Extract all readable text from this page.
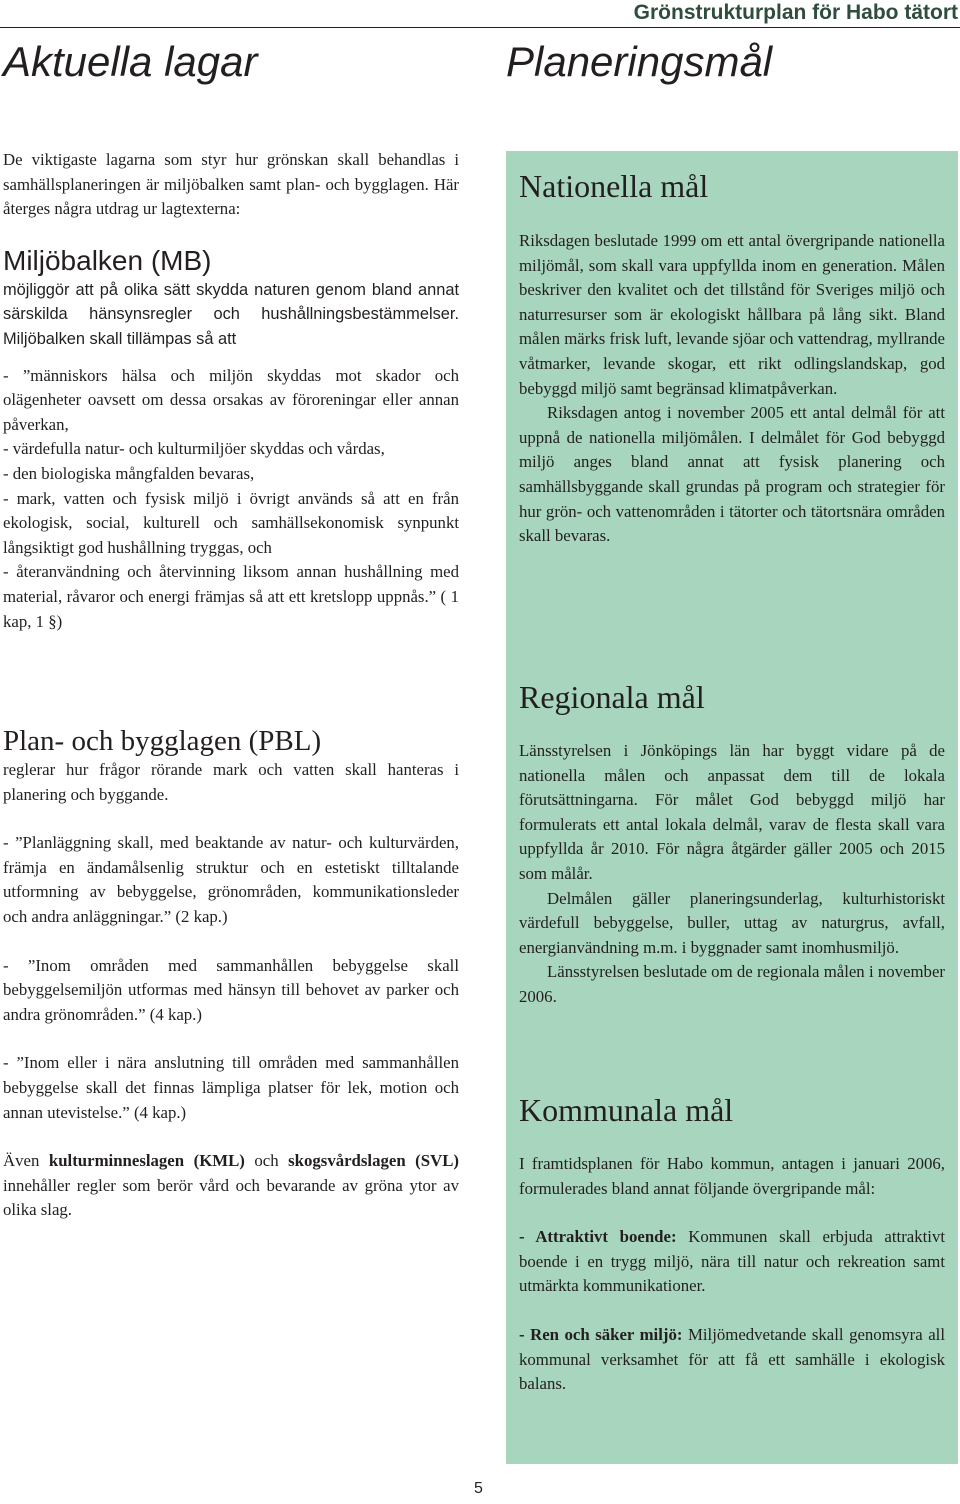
Grönstrukturplan för Habo tätort
Aktuella lagar	Planeringsmål

De viktigaste lagarna som styr hur grönskan skall behandlas i samhällsplaneringen är miljöbalken samt plan- och bygglagen. Här återges några utdrag ur lagtexterna:

Miljöbalken (MB)

möjliggör att på olika sätt skydda naturen genom bland annat särskilda hänsynsregler och hushållningsbestämmelser. Miljöbalken skall tillämpas så att

- ”människors hälsa och miljön skyddas mot skador och olägenheter oavsett om dessa orsakas av föroreningar eller annan påverkan,

- värdefulla natur- och kulturmiljöer skyddas och vårdas,

- den biologiska mångfalden bevaras,

- mark, vatten och fysisk miljö i övrigt används så att en från ekologisk, social, kulturell och samhällsekonomisk synpunkt långsiktigt god hushållning tryggas, och

- återanvändning och återvinning liksom annan hushållning med material, råvaror och energi främjas så att ett kretslopp uppnås.” ( 1 kap, 1 §)

Plan- och bygglagen (PBL)

reglerar hur frågor rörande mark och vatten skall hanteras i planering och byggande.

- ”Planläggning skall, med beaktande av natur- och kulturvärden, främja en ändamålsenlig struktur och en estetiskt tilltalande utformning av bebyggelse, grönområden, kommunikationsleder och andra anläggningar.” (2 kap.)

- ”Inom områden med sammanhållen bebyggelse skall bebyggelsemiljön utformas med hänsyn till behovet av parker och andra grönområden.” (4 kap.)

- ”Inom eller i nära anslutning till områden med sammanhållen bebyggelse skall det finnas lämpliga platser för lek, motion och annan utevistelse.” (4 kap.)

Även kulturminneslagen (KML) och skogsvårdslagen (SVL) innehåller regler som berör vård och bevarande av gröna ytor av olika slag.

Nationella mål

Riksdagen beslutade 1999 om ett antal övergripande nationella miljömål, som skall vara uppfyllda inom en generation. Målen beskriver den kvalitet och det tillstånd för Sveriges miljö och naturresurser som är ekologiskt hållbara på lång sikt. Bland målen märks frisk luft, levande sjöar och vattendrag, myllrande våtmarker, levande skogar, ett rikt odlingslandskap, god bebyggd miljö samt begränsad klimatpåverkan.

Riksdagen antog i november 2005 ett antal delmål för att uppnå de nationella miljömålen. I delmålet för God bebyggd miljö anges bland annat att fysisk planering och samhällsbyggande skall grundas på program och strategier för hur grön- och vattenområden i tätorter och tätortsnära områden skall bevaras.

Regionala mål

Länsstyrelsen i Jönköpings län har byggt vidare på de nationella målen och anpassat dem till de lokala förutsättningarna. För målet God bebyggd miljö har formulerats ett antal lokala delmål, varav de flesta skall vara uppfyllda år 2010. För några åtgärder gäller 2005 och 2015 som målår.

Delmålen gäller planeringsunderlag, kulturhistoriskt värdefull bebyggelse, buller, uttag av naturgrus, avfall, energianvändning m.m. i byggnader samt inomhusmiljö.

Länsstyrelsen beslutade om de regionala målen i november 2006.

Kommunala mål

I framtidsplanen för Habo kommun, antagen i januari 2006, formulerades bland annat följande övergripande mål:

- Attraktivt boende: Kommunen skall erbjuda attraktivt boende i en trygg miljö, nära till natur och rekreation samt utmärkta kommunikationer.

- Ren och säker miljö: Miljömedvetande skall genomsyra all kommunal verksamhet för att få ett samhälle i ekologisk balans.

5
